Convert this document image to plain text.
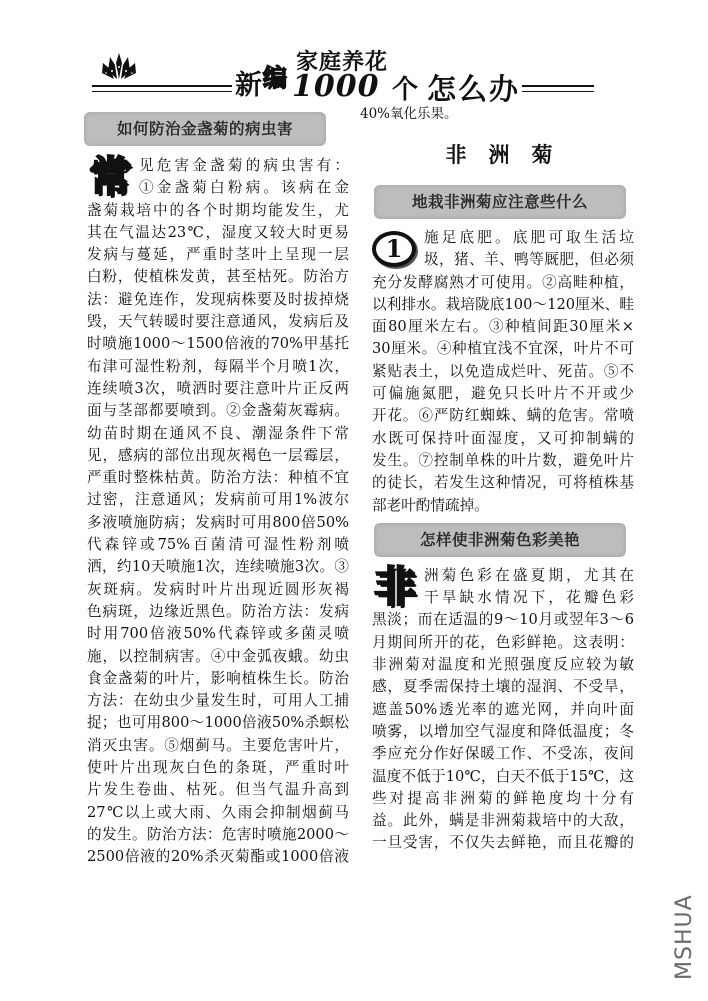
新 编
家庭养花
1000 个 怎么办
如何防治金盏菊的病虫害
常 见危害金盏菊的病虫害有：
①金盏菊白粉病。该病在金
盏菊栽培中的各个时期均能发生，尤
其在气温达23℃，湿度又较大时更易
发病与蔓延，严重时茎叶上呈现一层
白粉，使植株发黄，甚至枯死。防治方
法：避免连作，发现病株要及时拔掉烧
毁，天气转暖时要注意通风，发病后及
时喷施1000～1500倍液的70%甲基托
布津可湿性粉剂，每隔半个月喷1次，
连续喷3次，喷洒时要注意叶片正反两
面与茎部都要喷到。②金盏菊灰霉病。
幼苗时期在通风不良、潮湿条件下常
见，感病的部位出现灰褐色一层霉层，
严重时整株枯黄。防治方法：种植不宜
过密，注意通风；发病前可用1%波尔
多液喷施防病；发病时可用800倍50%
代森锌或75%百菌清可湿性粉剂喷
洒，约10天喷施1次，连续喷施3次。③
灰斑病。发病时叶片出现近圆形灰褐
色病斑，边缘近黑色。防治方法：发病
时用700倍液50%代森锌或多菌灵喷
施，以控制病害。④中金弧夜蛾。幼虫
食金盏菊的叶片，影响植株生长。防治
方法：在幼虫少量发生时，可用人工捕
捉；也可用800～1000倍液50%杀螟松
消灭虫害。⑤烟蓟马。主要危害叶片，
使叶片出现灰白色的条斑，严重时叶
片发生卷曲、枯死。但当气温升高到
27℃以上或大雨、久雨会抑制烟蓟马
的发生。防治方法：危害时喷施2000～
2500倍液的20%杀灭菊酯或1000倍液
40%氧化乐果。
非洲菊
地栽非洲菊应注意些什么
1	施足底肥。底肥可取生活垃
圾，猪、羊、鸭等厩肥，但必须
充分发酵腐熟才可使用。②高畦种植，
以利排水。栽培陇底100～120厘米、畦
面80厘米左右。③种植间距30厘米×
30厘米。④种植宜浅不宜深，叶片不可
紧贴表土，以免造成烂叶、死苗。⑤不
可偏施氮肥，避免只长叶片不开或少
开花。⑥严防红蜘蛛、螨的危害。常喷
水既可保持叶面湿度，又可抑制螨的
发生。⑦控制单株的叶片数，避免叶片
的徒长，若发生这种情况，可将植株基
部老叶酌情疏掉。
怎样使非洲菊色彩美艳
非 洲菊色彩在盛夏期，尤其在
干旱缺水情况下，花瓣色彩
黑淡；而在适温的9～10月或翌年3～6
月期间所开的花，色彩鲜艳。这表明：
非洲菊对温度和光照强度反应较为敏
感，夏季需保持土壤的湿润、不受旱，
遮盖50%透光率的遮光网，并向叶面
喷雾，以增加空气湿度和降低温度；冬
季应充分作好保暖工作、不受冻，夜间
温度不低于10℃，白天不低于15℃，这
些对提高非洲菊的鲜艳度均十分有
益。此外，螨是非洲菊栽培中的大敌，
一旦受害，不仅失去鲜艳，而且花瓣的
MSHUA
